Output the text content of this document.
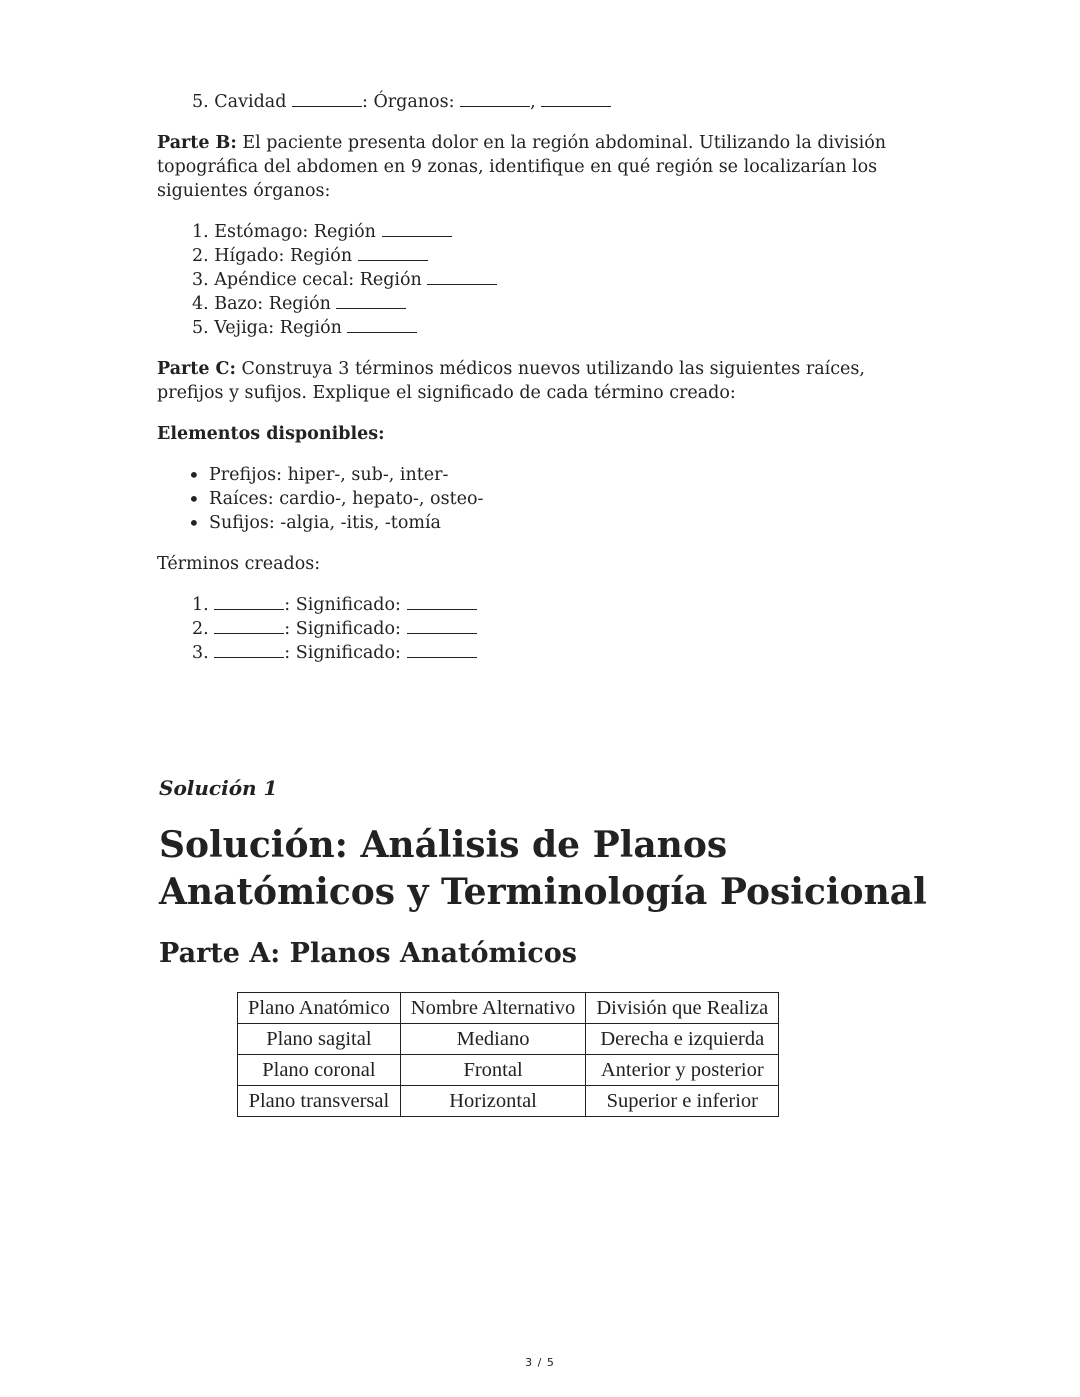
5. Cavidad	: Órganos:	,

Parte B: El paciente presenta dolor en la región abdominal. Utilizando la división topográfica del abdomen en 9 zonas, identifique en qué región se localizarían los siguientes órganos:

1. Estómago: Región
2. Hígado: Región
3. Apéndice cecal: Región
4. Bazo: Región
5. Vejiga: Región

Parte C: Construya 3 términos médicos nuevos utilizando las siguientes raíces, prefijos y sufijos. Explique el significado de cada término creado:

Elementos disponibles:

• Prefijos: hiper-, sub-, inter-
• Raíces: cardio-, hepato-, osteo-
• Sufijos: -algia, -itis, -tomía

Términos creados:

1.	: Significado:
2.	: Significado:
3.	: Significado:
Solución 1
Solución: Análisis de Planos Anatómicos y Terminología Posicional
Parte A: Planos Anatómicos
Plano Anatómico	Nombre Alternativo	División que Realiza
Plano sagital	Mediano	Derecha e izquierda
Plano coronal	Frontal	Anterior y posterior
Plano transversal	Horizontal	Superior e inferior
3 / 5
